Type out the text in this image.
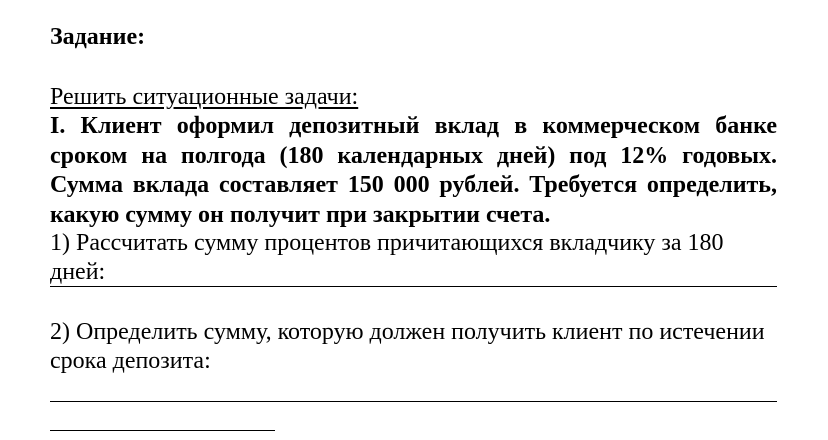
Задание:

Решить ситуационные задачи:

I. Клиент оформил депозитный вклад в коммерческом банке сроком на полгода (180 календарных дней) под 12% годовых. Сумма вклада составляет 150 000 рублей. Требуется определить, какую сумму он получит при закрытии счета.

1) Рассчитать сумму процентов причитающихся вкладчику за 180 дней:

2) Определить сумму, которую должен получить клиент по истечении срока депозита:
